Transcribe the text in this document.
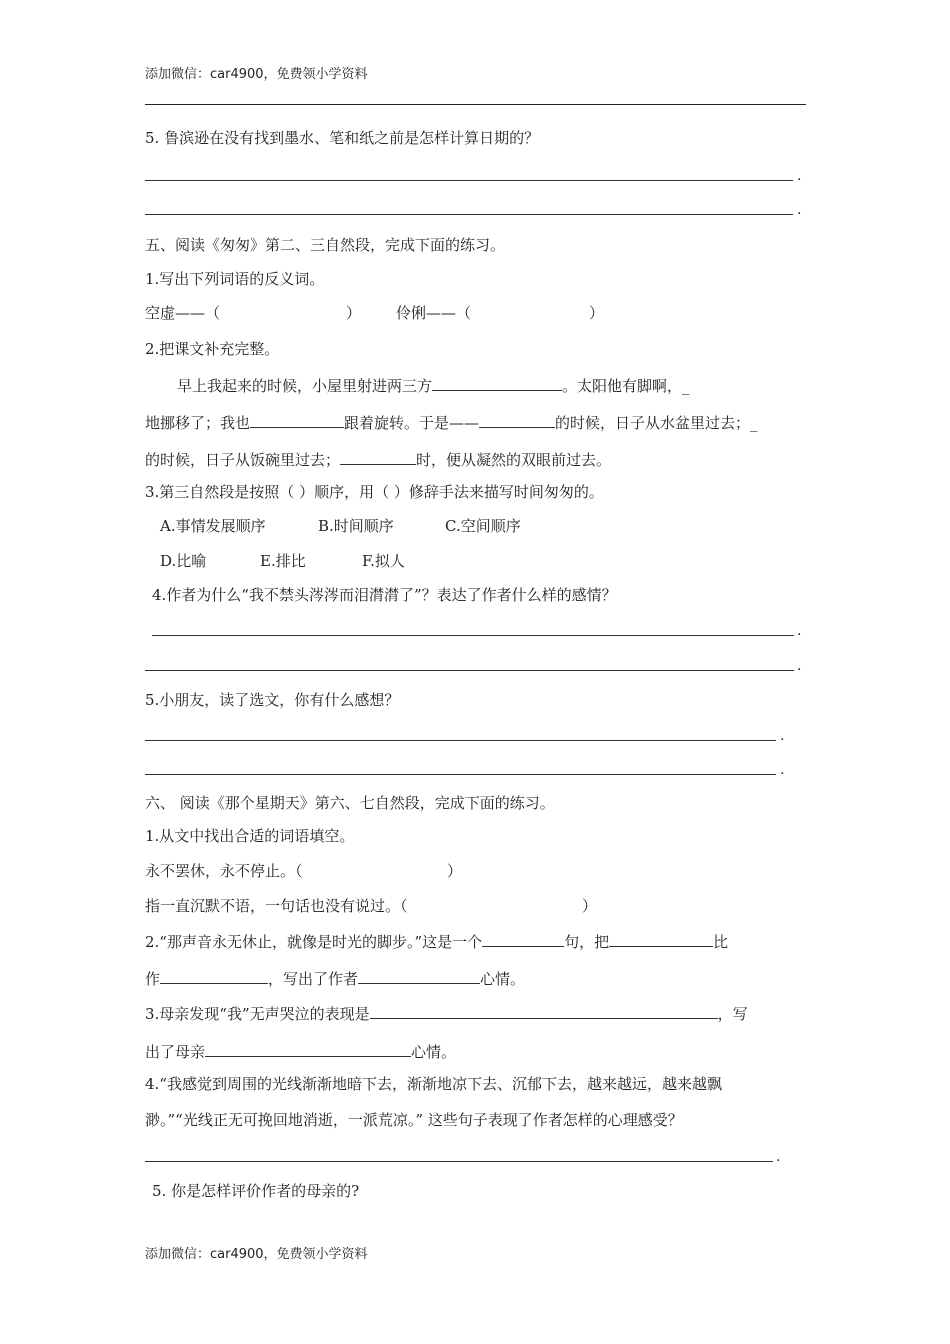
添加微信：car4900，免费领小学资料
5. 鲁滨逊在没有找到墨水、笔和纸之前是怎样计算日期的？
.
.
五、阅读《匆匆》第二、三自然段，完成下面的练习。
1.写出下列词语的反义词。
空虚——（	） 伶俐——（	）
2.把课文补充完整。
早上我起来的时候，小屋里射进两三方	。太阳他有脚啊，_
地挪移了；我也	跟着旋转。于是——	的时候，日子从水盆里过去；_
的时候，日子从饭碗里过去；	时，便从凝然的双眼前过去。
3.第三自然段是按照（ ）顺序，用（ ）修辞手法来描写时间匆匆的。
A.事情发展顺序	B.时间顺序	C.空间顺序
D.比喻	E.排比	F.拟人
4.作者为什么“我不禁头涔涔而泪潸潸了”？表达了作者什么样的感情？
.
.
5.小朋友，读了选文，你有什么感想？
.
.
六、 阅读《那个星期天》第六、七自然段，完成下面的练习。
1.从文中找出合适的词语填空。
永不罢休，永不停止。（	）
指一直沉默不语，一句话也没有说过。（	）
2.“那声音永无休止，就像是时光的脚步。”这是一个	句，把	比
作	，写出了作者	心情。
3.母亲发现“我”无声哭泣的表现是	，写
出了母亲	心情。
4.“我感觉到周围的光线渐渐地暗下去，渐渐地凉下去、沉郁下去，越来越远，越来越飘
渺。”“光线正无可挽回地消逝，一派荒凉。” 这些句子表现了作者怎样的心理感受？
.
5. 你是怎样评价作者的母亲的?
添加微信：car4900，免费领小学资料
